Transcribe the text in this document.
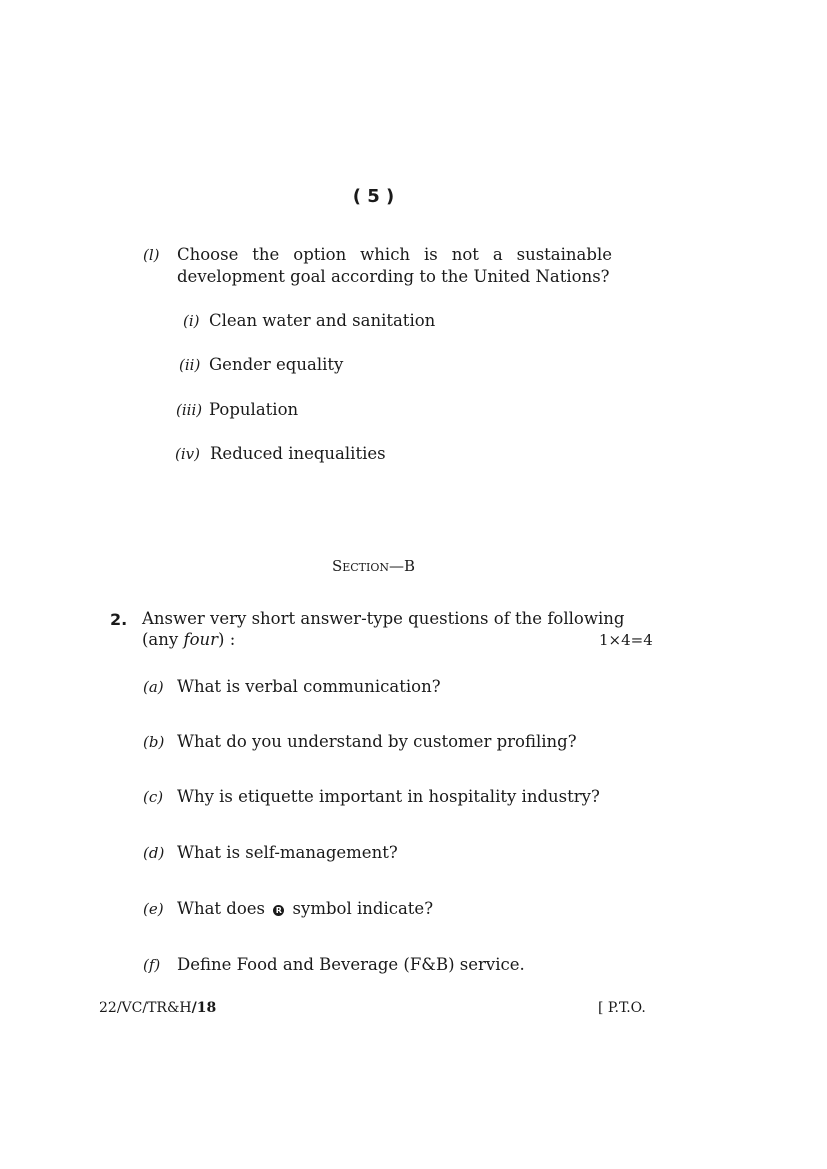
( 5 )
(l) Choose the option which is not a sustainable
development goal according to the United Nations?
(i) Clean water and sanitation
(ii) Gender equality
(iii) Population
(iv) Reduced inequalities
Section—B
2. Answer very short answer-type questions of the following
(any four) :	1×4=4
(a) What is verbal communication?
(b) What do you understand by customer profiling?
(c) Why is etiquette important in hospitality industry?
(d) What is self-management?
(e) What does R symbol indicate?
(f) Define Food and Beverage (F&B) service.
22/VC/TR&H/18	[ P.T.O.
